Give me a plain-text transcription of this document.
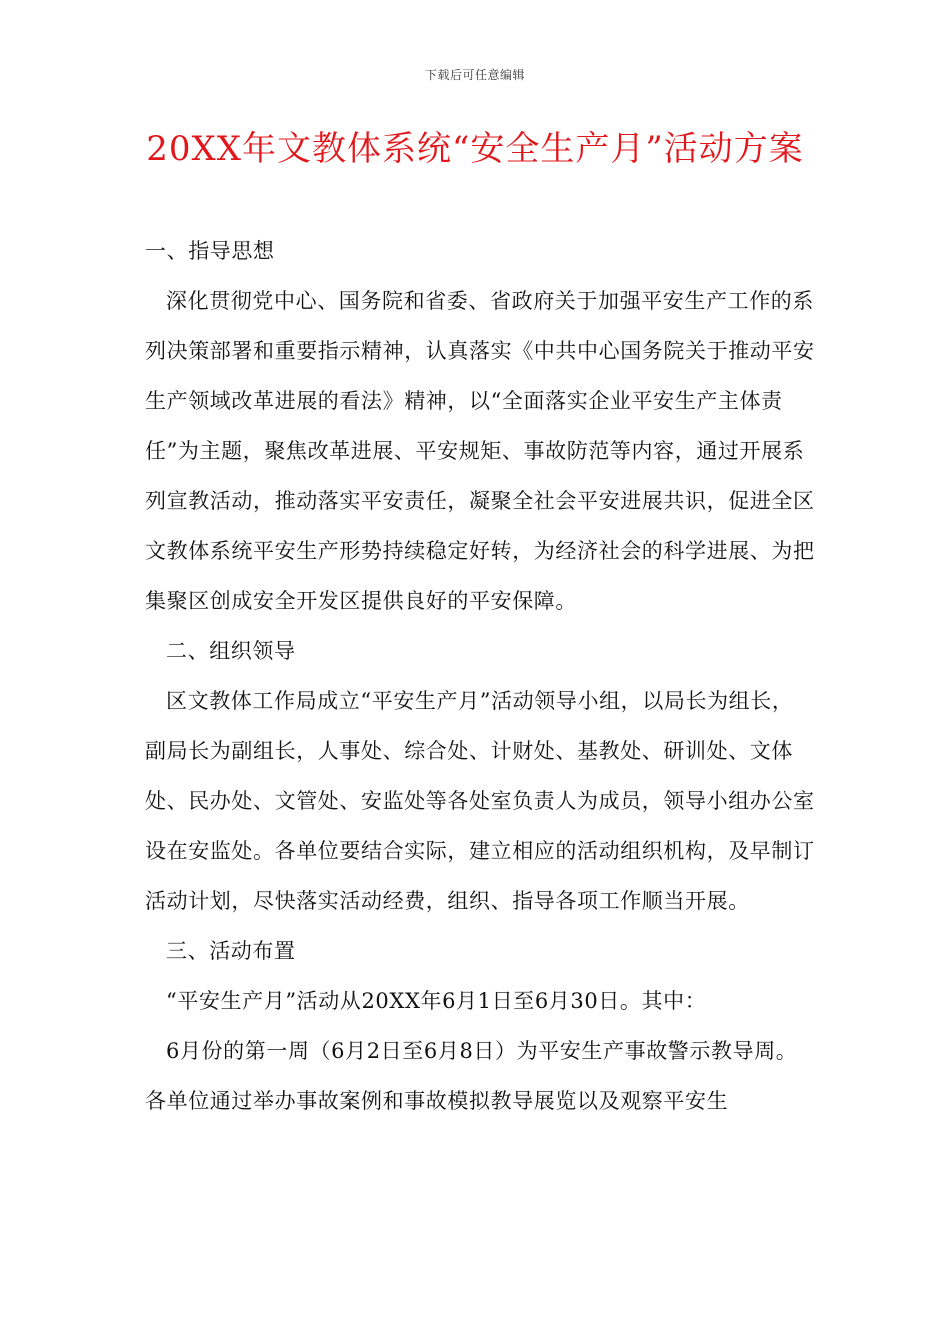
下载后可任意编辑
20XX年文教体系统“安全生产月”活动方案

一、指导思想

深化贯彻党中心、国务院和省委、省政府关于加强平安生产工作的系列决策部署和重要指示精神，认真落实《中共中心国务院关于推动平安生产领域改革进展的看法》精神，以“全面落实企业平安生产主体责任”为主题，聚焦改革进展、平安规矩、事故防范等内容，通过开展系列宣教活动，推动落实平安责任，凝聚全社会平安进展共识，促进全区文教体系统平安生产形势持续稳定好转，为经济社会的科学进展、为把集聚区创成安全开发区提供良好的平安保障。

二、组织领导

区文教体工作局成立“平安生产月”活动领导小组，以局长为组长，副局长为副组长，人事处、综合处、计财处、基教处、研训处、文体处、民办处、文管处、安监处等各处室负责人为成员，领导小组办公室设在安监处。各单位要结合实际，建立相应的活动组织机构，及早制订活动计划，尽快落实活动经费，组织、指导各项工作顺当开展。

三、活动布置

“平安生产月”活动从20XX年6月1日至6月30日。其中：

6月份的第一周（6月2日至6月8日）为平安生产事故警示教导周。各单位通过举办事故案例和事故模拟教导展览以及观察平安生
